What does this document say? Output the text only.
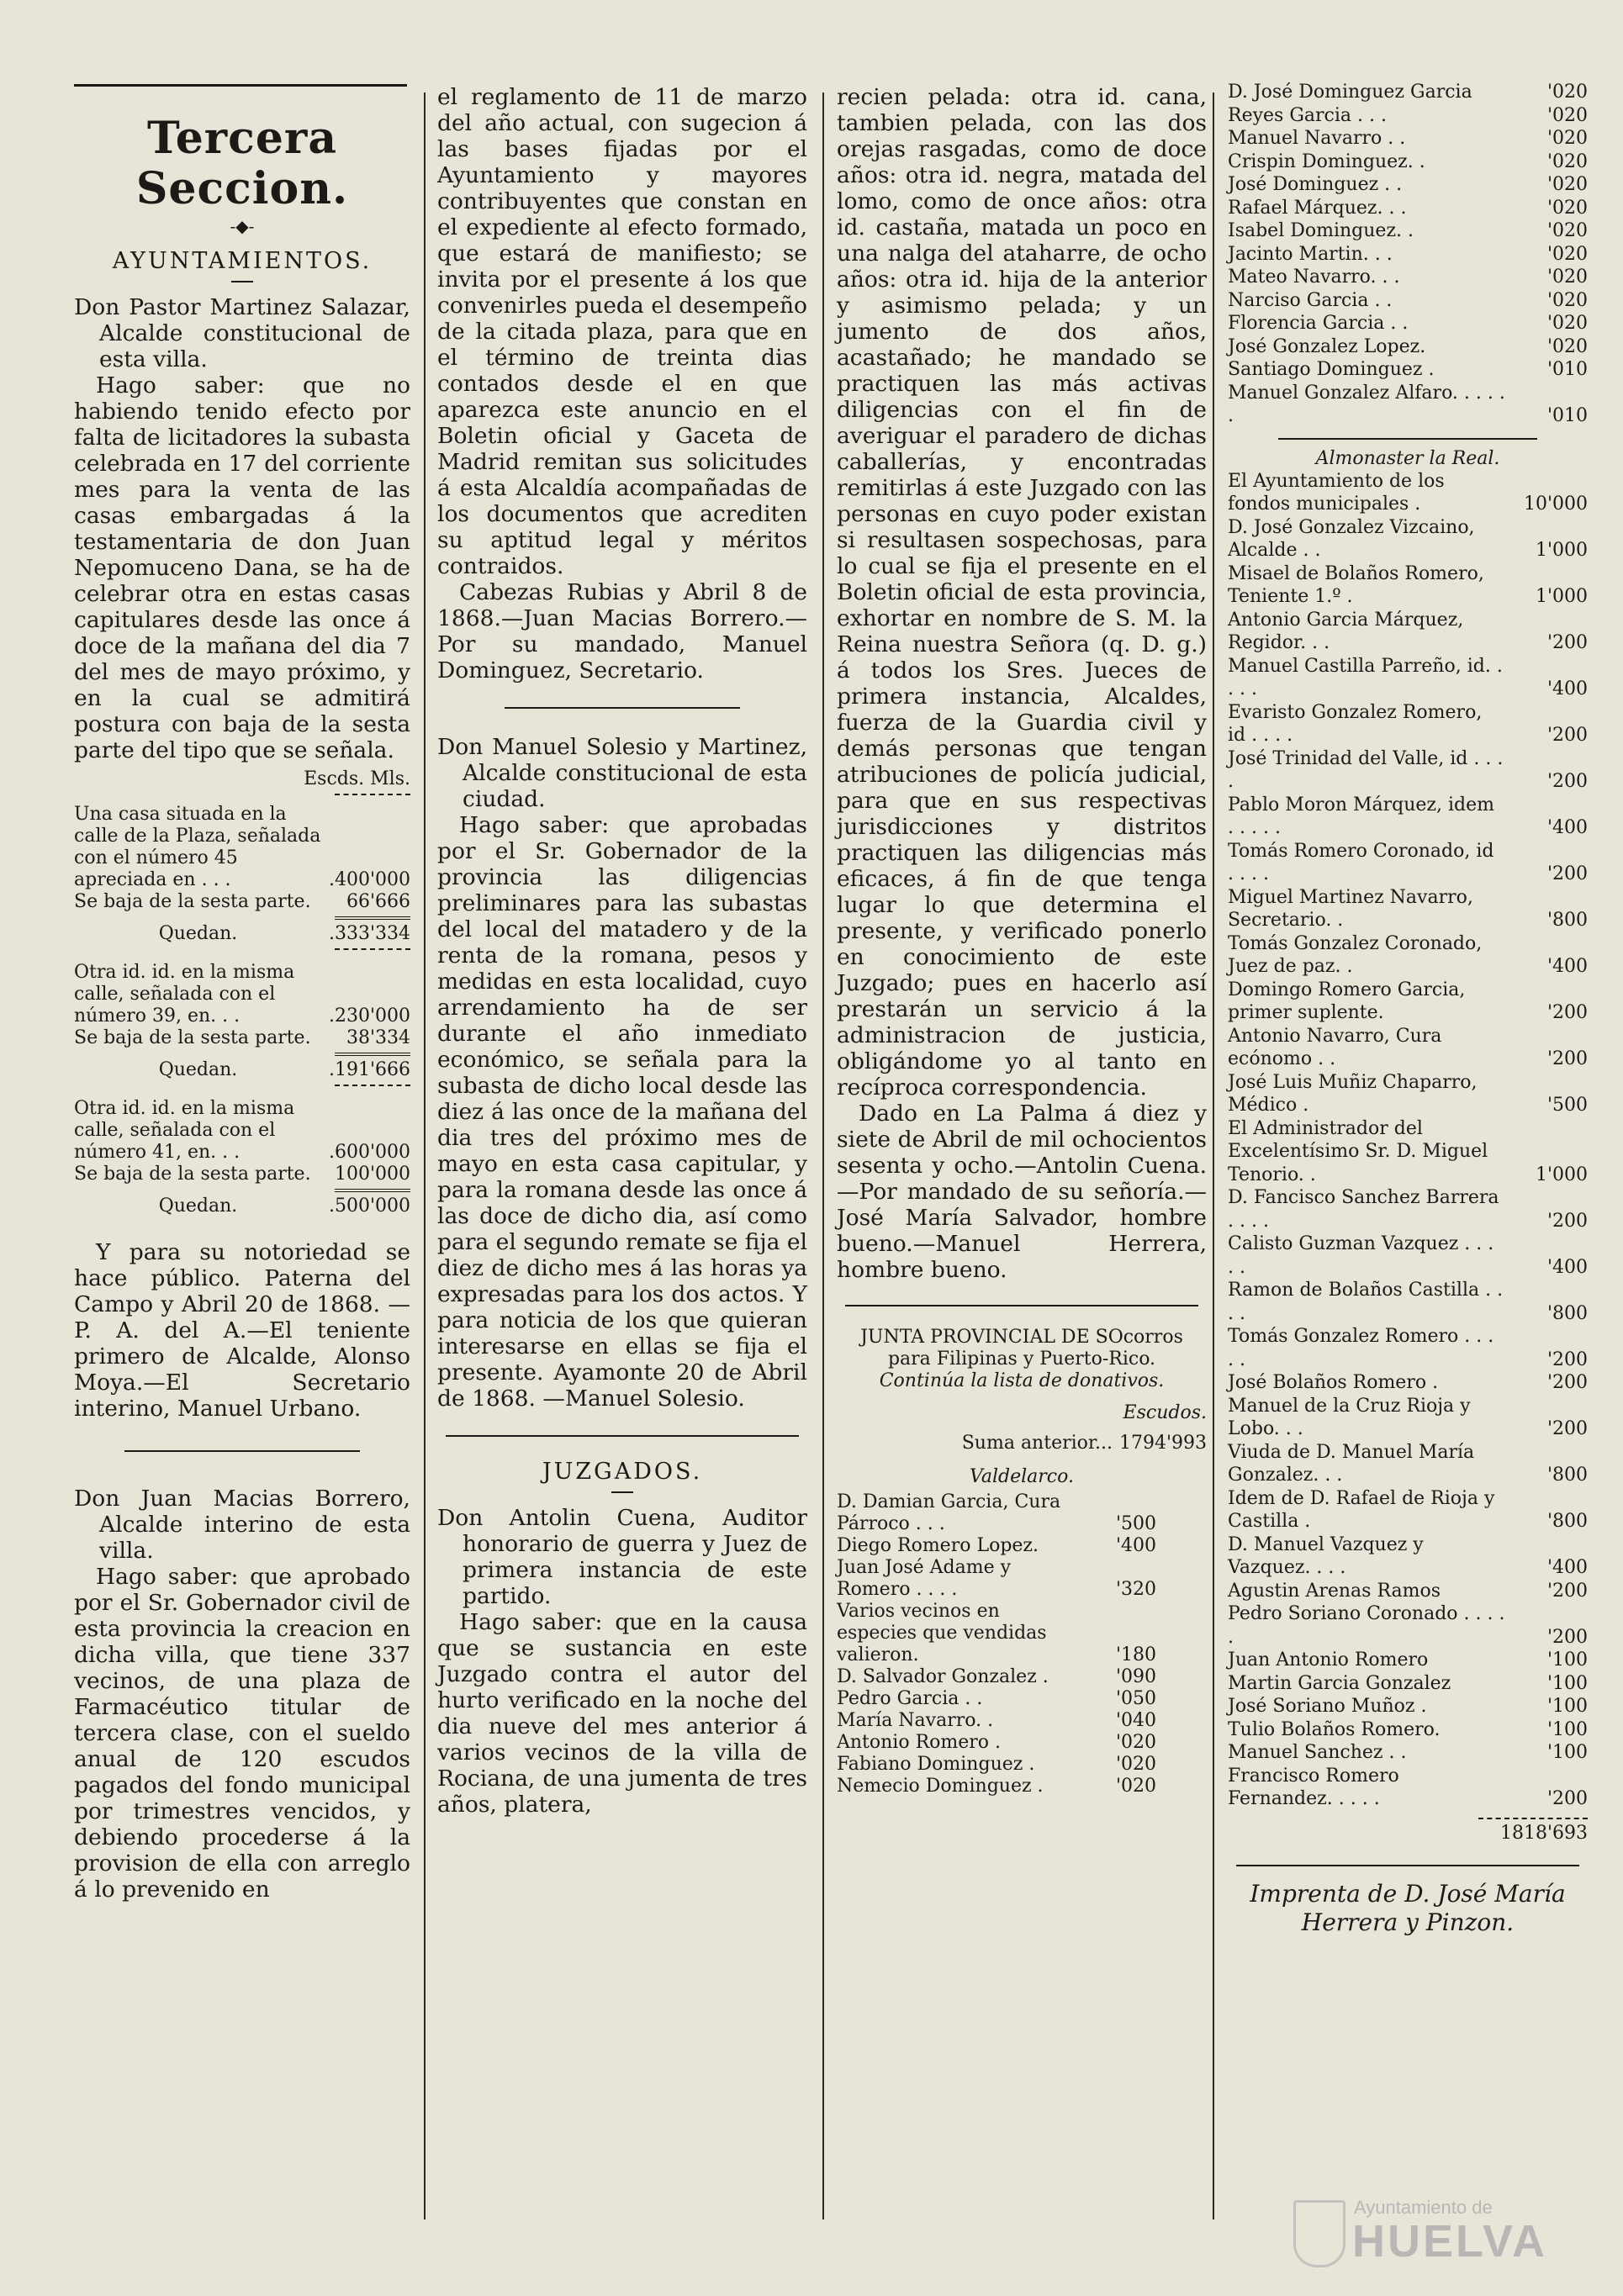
Tercera Seccion.
-◆-
AYUNTAMIENTOS.

Don Pastor Martinez Salazar, Alcalde constitucional de esta villa.

Hago saber: que no habiendo tenido efecto por falta de licitadores la subasta celebrada en 17 del corriente mes para la venta de las casas embargadas á la testamentaria de don Juan Nepomuceno Dana, se ha de celebrar otra en estas casas capitulares desde las once á doce de la mañana del dia 7 del mes de mayo próximo, y en la cual se admitirá postura con baja de la sesta parte del tipo que se señala.

Escds. Mls.
Una casa situada en la calle de la Plaza, señalada con el número 45 apreciada en . . .	.400'000
Se baja de la sesta parte.	66'666
Quedan.	.333'334
Otra id. id. en la misma calle, señalada con el número 39, en. . .	.230'000
Se baja de la sesta parte.	38'334
Quedan.	.191'666
Otra id. id. en la misma calle, señalada con el número 41, en. . .	.600'000
Se baja de la sesta parte.	100'000
Quedan.	.500'000

Y para su notoriedad se hace público. Paterna del Campo y Abril 20 de 1868. —P. A. del A.—El teniente primero de Alcalde, Alonso Moya.—El Secretario interino, Manuel Urbano.

Don Juan Macias Borrero, Alcalde interino de esta villa.

Hago saber: que aprobado por el Sr. Gobernador civil de esta provincia la creacion en dicha villa, que tiene 337 vecinos, de una plaza de Farmacéutico titular de tercera clase, con el sueldo anual de 120 escudos pagados del fondo municipal por trimestres vencidos, y debiendo procederse á la provision de ella con arreglo á lo prevenido en

el reglamento de 11 de marzo del año actual, con sugecion á las bases fijadas por el Ayuntamiento y mayores contribuyentes que constan en el expediente al efecto formado, que estará de manifiesto; se invita por el presente á los que convenirles pueda el desempeño de la citada plaza, para que en el término de treinta dias contados desde el en que aparezca este anuncio en el Boletin oficial y Gaceta de Madrid remitan sus solicitudes á esta Alcaldía acompañadas de los documentos que acrediten su aptitud legal y méritos contraidos.

Cabezas Rubias y Abril 8 de 1868.—Juan Macias Borrero.—Por su mandado, Manuel Dominguez, Secretario.

Don Manuel Solesio y Martinez, Alcalde constitucional de esta ciudad.

Hago saber: que aprobadas por el Sr. Gobernador de la provincia las diligencias preliminares para las subastas del local del matadero y de la renta de la romana, pesos y medidas en esta localidad, cuyo arrendamiento ha de ser durante el año inmediato económico, se señala para la subasta de dicho local desde las diez á las once de la mañana del dia tres del próximo mes de mayo en esta casa capitular, y para la romana desde las once á las doce de dicho dia, así como para el segundo remate se fija el diez de dicho mes á las horas ya expresadas para los dos actos. Y para noticia de los que quieran interesarse en ellas se fija el presente. Ayamonte 20 de Abril de 1868. —Manuel Solesio.

JUZGADOS.

Don Antolin Cuena, Auditor honorario de guerra y Juez de primera instancia de este partido.

Hago saber: que en la causa que se sustancia en este Juzgado contra el autor del hurto verificado en la noche del dia nueve del mes anterior á varios vecinos de la villa de Rociana, de una jumenta de tres años, platera,

recien pelada: otra id. cana, tambien pelada, con las dos orejas rasgadas, como de doce años: otra id. negra, matada del lomo, como de once años: otra id. castaña, matada un poco en una nalga del ataharre, de ocho años: otra id. hija de la anterior y asimismo pelada; y un jumento de dos años, acastañado; he mandado se practiquen las más activas diligencias con el fin de averiguar el paradero de dichas caballerías, y encontradas remitirlas á este Juzgado con las personas en cuyo poder existan si resultasen sospechosas, para lo cual se fija el presente en el Boletin oficial de esta provincia, exhortar en nombre de S. M. la Reina nuestra Señora (q. D. g.) á todos los Sres. Jueces de primera instancia, Alcaldes, fuerza de la Guardia civil y demás personas que tengan atribuciones de policía judicial, para que en sus respectivas jurisdicciones y distritos practiquen las diligencias más eficaces, á fin de que tenga lugar lo que determina el presente, y verificado ponerlo en conocimiento de este Juzgado; pues en hacerlo así prestarán un servicio á la administracion de justicia, obligándome yo al tanto en recíproca correspondencia.

Dado en La Palma á diez y siete de Abril de mil ochocientos sesenta y ocho.—Antolin Cuena.—Por mandado de su señoría.—José María Salvador, hombre bueno.—Manuel Herrera, hombre bueno.

JUNTA PROVINCIAL DE SOcorros para Filipinas y Puerto-Rico.

Continúa la lista de donativos.

Escudos.
Suma anterior... 1794'993
Valdelarco.
D. Damian Garcia, Cura Párroco . . .	'500
Diego Romero Lopez.	'400
Juan José Adame y Romero . . . .	'320
Varios vecinos en especies que vendidas valieron.	'180
D. Salvador Gonzalez .	'090
Pedro Garcia . .	'050
María Navarro. .	'040
Antonio Romero .	'020
Fabiano Dominguez .	'020
Nemecio Dominguez .	'020
D. José Dominguez Garcia	'020
Reyes Garcia . . .	'020
Manuel Navarro . .	'020
Crispin Dominguez. .	'020
José Dominguez . .	'020
Rafael Márquez. . .	'020
Isabel Dominguez. .	'020
Jacinto Martin. . .	'020
Mateo Navarro. . .	'020
Narciso Garcia . .	'020
Florencia Garcia . .	'020
José Gonzalez Lopez.	'020
Santiago Dominguez .	'010
Manuel Gonzalez Alfaro. . . . . .	'010
Almonaster la Real.
El Ayuntamiento de los fondos municipales .	10'000
D. José Gonzalez Vizcaino, Alcalde . .	1'000
Misael de Bolaños Romero, Teniente 1.º .	1'000
Antonio Garcia Márquez, Regidor. . .	'200
Manuel Castilla Parreño, id. . . . .	'400
Evaristo Gonzalez Romero, id . . . .	'200
José Trinidad del Valle, id . . . .	'200
Pablo Moron Márquez, idem . . . . .	'400
Tomás Romero Coronado, id . . . .	'200
Miguel Martinez Navarro, Secretario. .	'800
Tomás Gonzalez Coronado, Juez de paz. .	'400
Domingo Romero Garcia, primer suplente.	'200
Antonio Navarro, Cura ecónomo . .	'200
José Luis Muñiz Chaparro, Médico .	'500
El Administrador del Excelentísimo Sr. D. Miguel Tenorio. .	1'000
D. Fancisco Sanchez Barrera . . . .	'200
Calisto Guzman Vazquez . . . . .	'400
Ramon de Bolaños Castilla . . . .	'800
Tomás Gonzalez Romero . . . . .	'200
José Bolaños Romero .	'200
Manuel de la Cruz Rioja y Lobo. . .	'200
Viuda de D. Manuel María Gonzalez. . .	'800
Idem de D. Rafael de Rioja y Castilla .	'800
D. Manuel Vazquez y Vazquez. . . .	'400
Agustin Arenas Ramos	'200
Pedro Soriano Coronado . . . . .	'200
Juan Antonio Romero	'100
Martin Garcia Gonzalez	'100
José Soriano Muñoz .	'100
Tulio Bolaños Romero.	'100
Manuel Sanchez . .	'100
Francisco Romero Fernandez. . . . .	'200
1818'693

Imprenta de D. José María Herrera y Pinzon.

Ayuntamiento de
HUELVA
